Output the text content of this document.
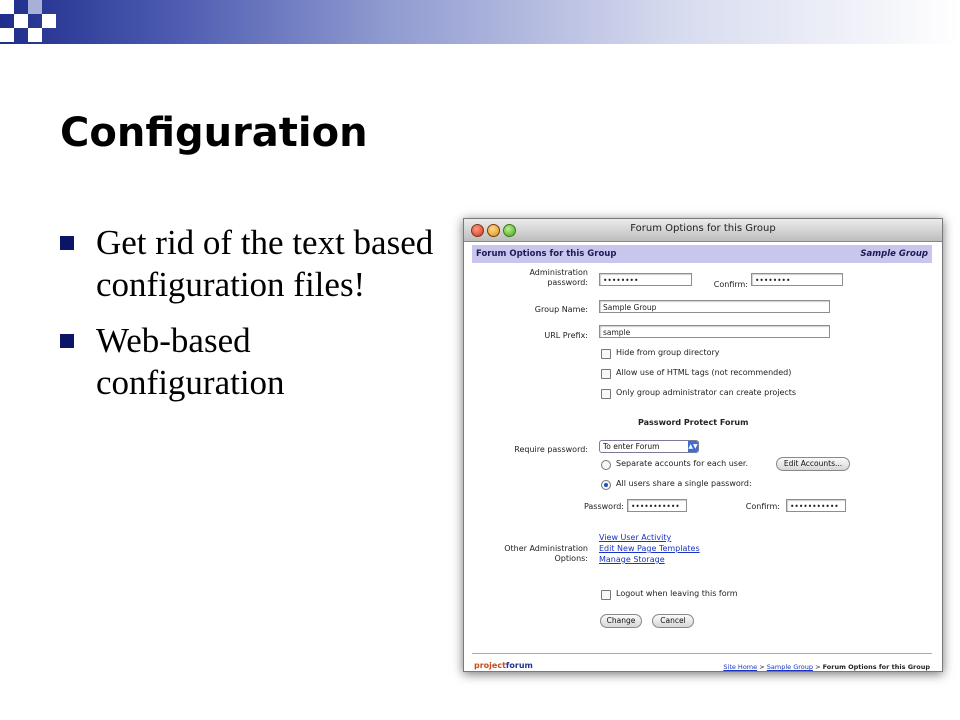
Configuration
Get rid of the text based configuration files!
Web-based configuration
Forum Options for this Group
Forum Options for this Group	Sample Group
Administration password:	••••••••	Confirm: ••••••••
Group Name:	Sample Group
URL Prefix:	sample
Hide from group directory
Allow use of HTML tags (not recommended)
Only group administrator can create projects
Password Protect Forum
Require password:	To enter Forum	▲▼
Separate accounts for each user.	Edit Accounts...
All users share a single password:
Password: •••••••••••	Confirm:	•••••••••••
Other Administration Options:
View User Activity
Edit New Page Templates
Manage Storage
Logout when leaving this form
Change	Cancel
projectforum	Site Home > Sample Group > Forum Options for this Group
